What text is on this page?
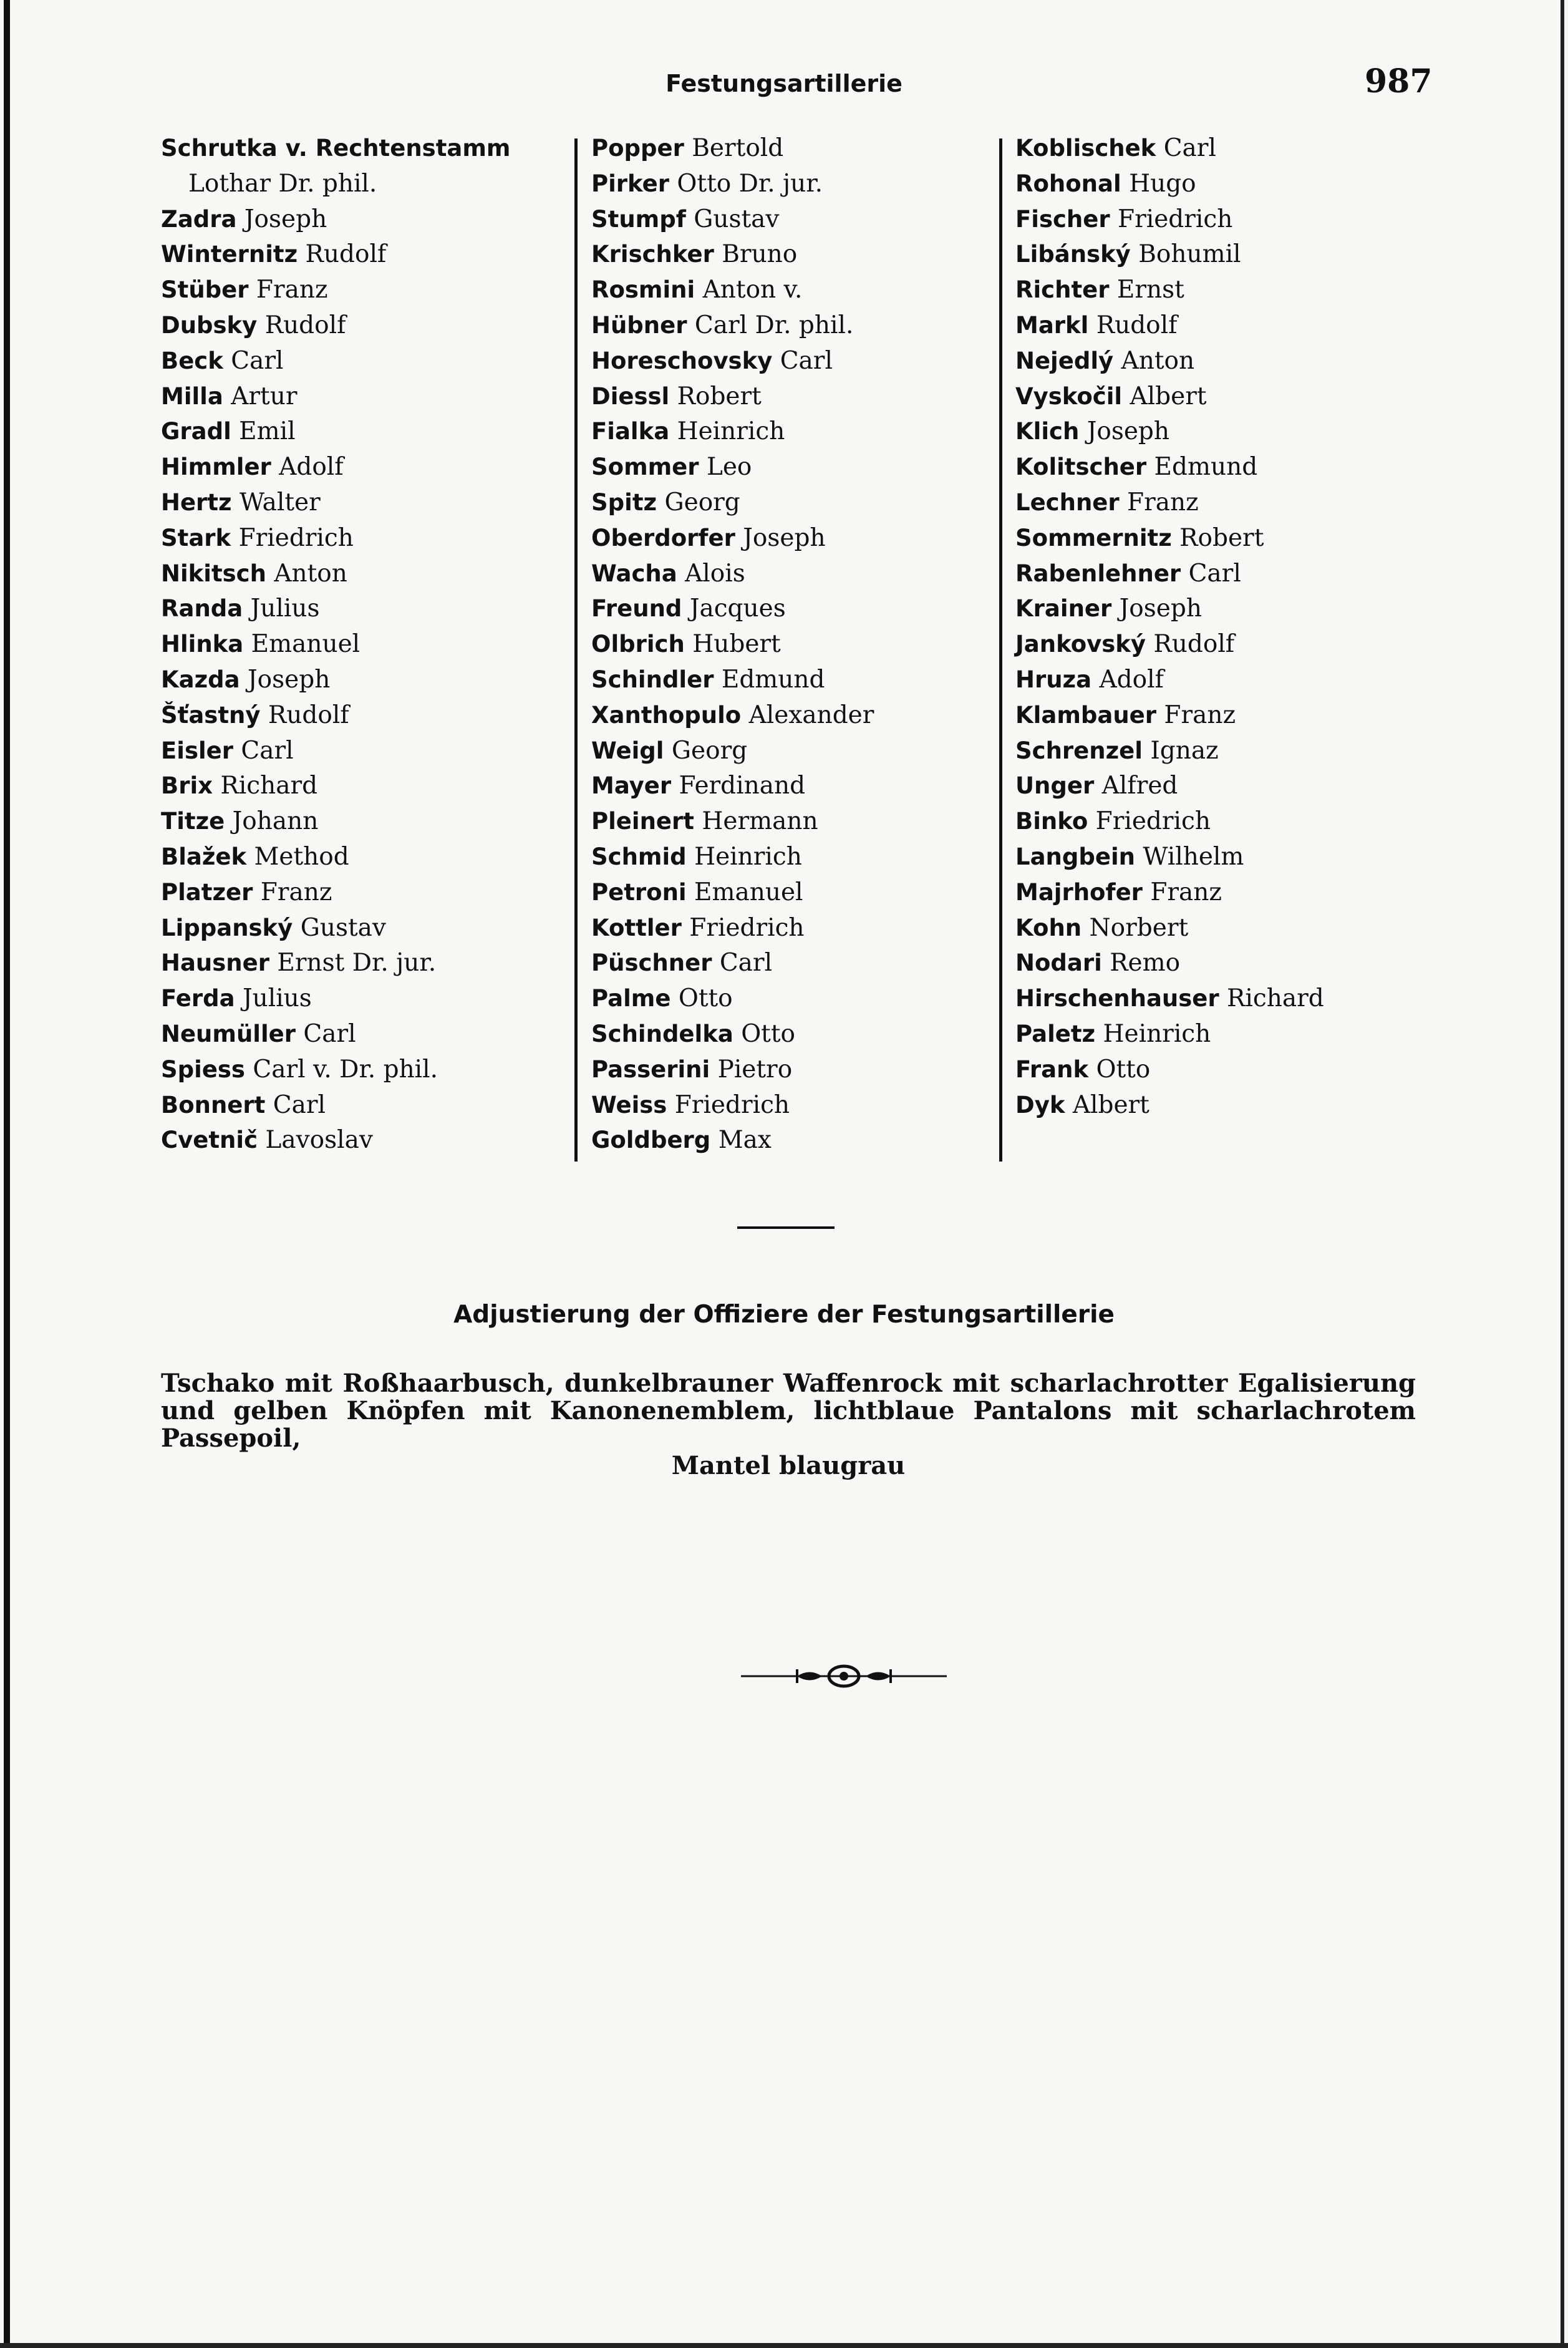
Festungsartillerie	987
Schrutka v. Rechtenstamm
Lothar Dr. phil.
Zadra Joseph
Winternitz Rudolf
Stüber Franz
Dubsky Rudolf
Beck Carl
Milla Artur
Gradl Emil
Himmler Adolf
Hertz Walter
Stark Friedrich
Nikitsch Anton
Randa Julius
Hlinka Emanuel
Kazda Joseph
Šťastný Rudolf
Eisler Carl
Brix Richard
Titze Johann
Blažek Method
Platzer Franz
Lippanský Gustav
Hausner Ernst Dr. jur.
Ferda Julius
Neumüller Carl
Spiess Carl v. Dr. phil.
Bonnert Carl
Cvetnič Lavoslav
Popper Bertold
Pirker Otto Dr. jur.
Stumpf Gustav
Krischker Bruno
Rosmini Anton v.
Hübner Carl Dr. phil.
Horeschovsky Carl
Diessl Robert
Fialka Heinrich
Sommer Leo
Spitz Georg
Oberdorfer Joseph
Wacha Alois
Freund Jacques
Olbrich Hubert
Schindler Edmund
Xanthopulo Alexander
Weigl Georg
Mayer Ferdinand
Pleinert Hermann
Schmid Heinrich
Petroni Emanuel
Kottler Friedrich
Püschner Carl
Palme Otto
Schindelka Otto
Passerini Pietro
Weiss Friedrich
Goldberg Max
Koblischek Carl
Rohonal Hugo
Fischer Friedrich
Libánský Bohumil
Richter Ernst
Markl Rudolf
Nejedlý Anton
Vyskočil Albert
Klich Joseph
Kolitscher Edmund
Lechner Franz
Sommernitz Robert
Rabenlehner Carl
Krainer Joseph
Jankovský Rudolf
Hruza Adolf
Klambauer Franz
Schrenzel Ignaz
Unger Alfred
Binko Friedrich
Langbein Wilhelm
Majrhofer Franz
Kohn Norbert
Nodari Remo
Hirschenhauser Richard
Paletz Heinrich
Frank Otto
Dyk Albert
Adjustierung der Offiziere der Festungsartillerie
Tschako mit Roßhaarbusch, dunkelbrauner Waffenrock mit scharlachrotter Egalisierung und gelben Knöpfen mit Kanonenemblem, lichtblaue Pantalons mit scharlachrotem Passepoil,
Mantel blaugrau
